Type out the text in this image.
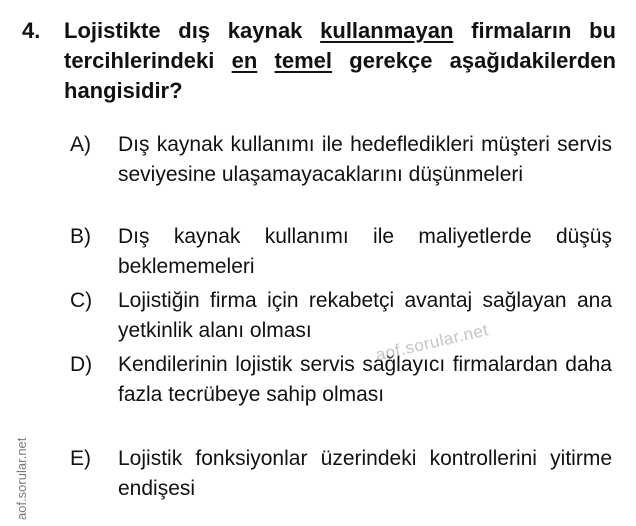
4. Lojistikte dış kaynak kullanmayan firmaların bu tercihlerindeki en temel gerekçe aşağıdakilerden hangisidir?
A) Dış kaynak kullanımı ile hedefledikleri müşteri servis seviyesine ulaşamayacaklarını düşünmeleri
B) Dış kaynak kullanımı ile maliyetlerde düşüş beklememeleri
C) Lojistiğin firma için rekabetçi avantaj sağlayan ana yetkinlik alanı olması
D) Kendilerinin lojistik servis sağlayıcı firmalardan daha fazla tecrübeye sahip olması
E) Lojistik fonksiyonlar üzerindeki kontrollerini yitirme endişesi
aof.sorular.net
aof.sorular.net
